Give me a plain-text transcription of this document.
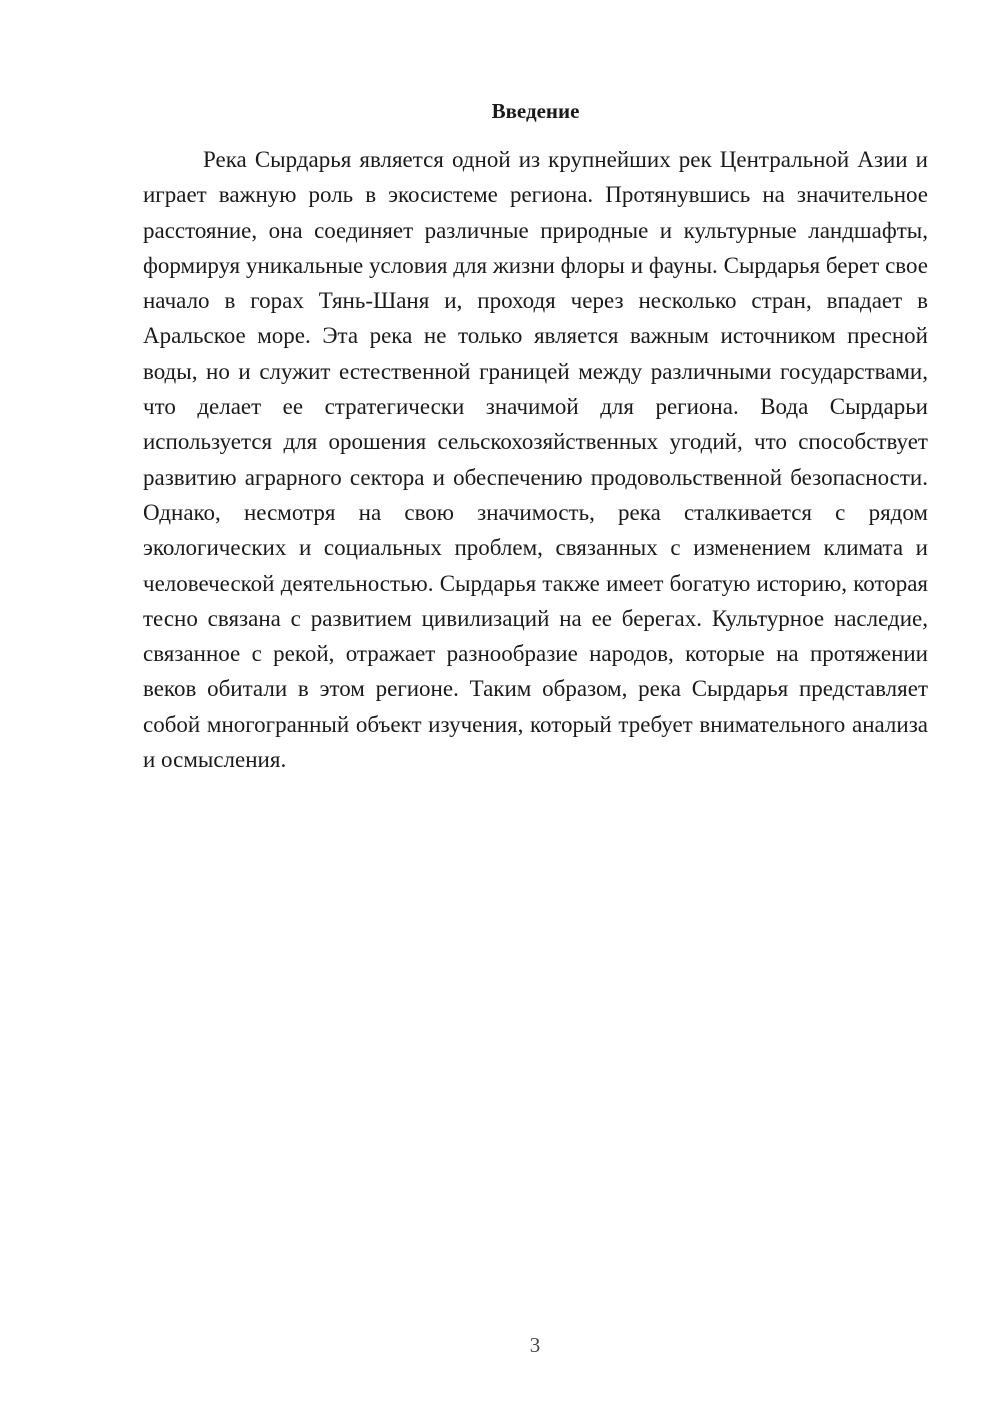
Введение

Река Сырдарья является одной из крупнейших рек Центральной Азии и играет важную роль в экосистеме региона. Протянувшись на значительное расстояние, она соединяет различные природные и культурные ландшафты, формируя уникальные условия для жизни флоры и фауны. Сырдарья берет свое начало в горах Тянь-Шаня и, проходя через несколько стран, впадает в Аральское море. Эта река не только является важным источником пресной воды, но и служит естественной границей между различными государствами, что делает ее стратегически значимой для региона. Вода Сырдарьи используется для орошения сельскохозяйственных угодий, что способствует развитию аграрного сектора и обеспечению продовольственной безопасности. Однако, несмотря на свою значимость, река сталкивается с рядом экологических и социальных проблем, связанных с изменением климата и человеческой деятельностью. Сырдарья также имеет богатую историю, которая тесно связана с развитием цивилизаций на ее берегах. Культурное наследие, связанное с рекой, отражает разнообразие народов, которые на протяжении веков обитали в этом регионе. Таким образом, река Сырдарья представляет собой многогранный объект изучения, который требует внимательного анализа и осмысления.

3
